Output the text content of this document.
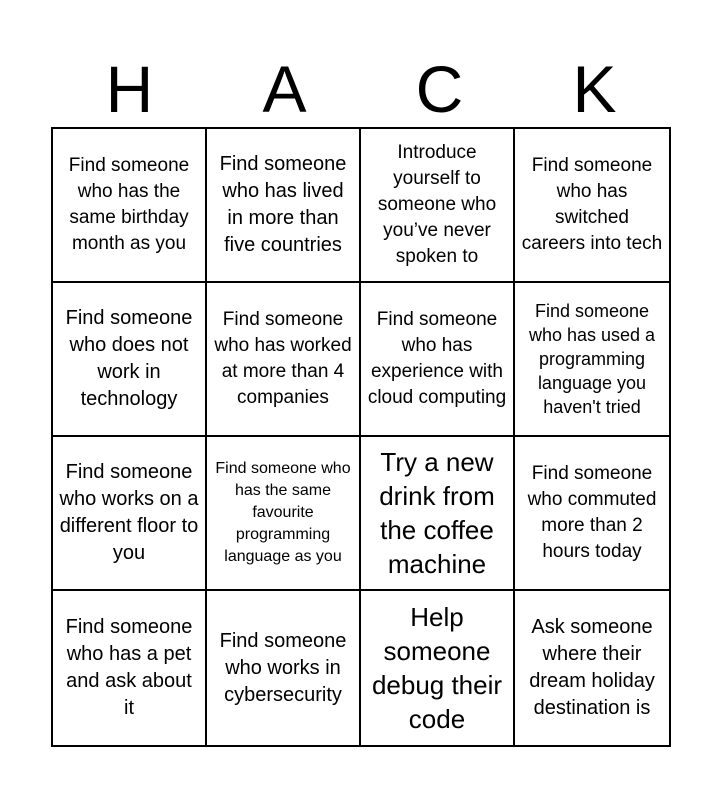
H	A	C	K
Find someone who has the same birthday month as you
Find someone who has lived in more than five countries
Introduce yourself to someone who you’ve never spoken to
Find someone who has switched careers into tech
Find someone who does not work in technology
Find someone who has worked at more than 4 companies
Find someone who has experience with cloud computing
Find someone who has used a programming language you haven't tried
Find someone who works on a different floor to you
Find someone who has the same favourite programming language as you
Try a new drink from the coffee machine
Find someone who commuted more than 2 hours today
Find someone who has a pet and ask about it
Find someone who works in cybersecurity
Help someone debug their code
Ask someone where their dream holiday destination is
